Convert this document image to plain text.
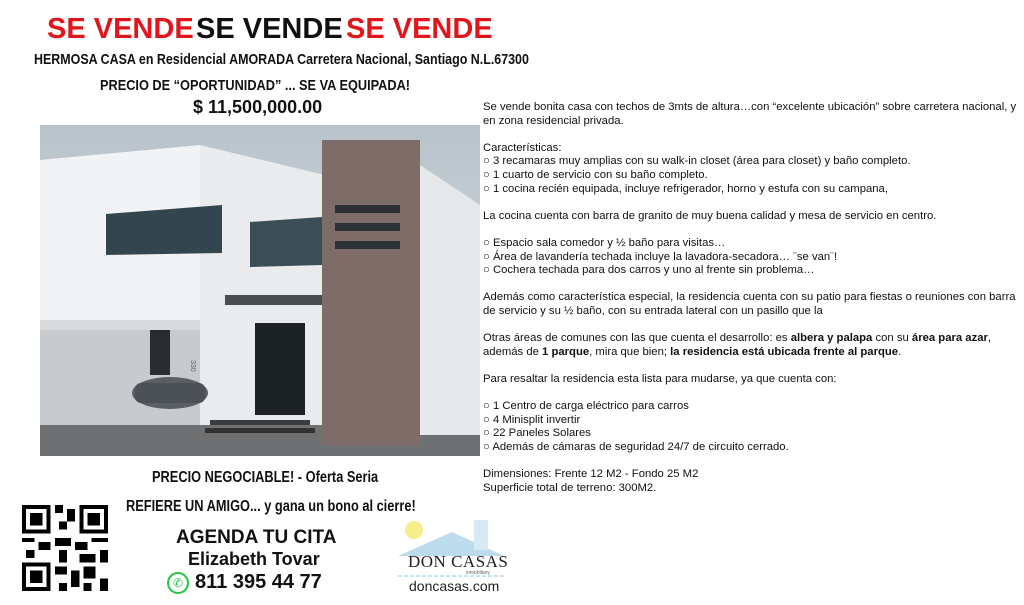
SE VENDE SE VENDE SE VENDE
HERMOSA CASA en Residencial AMORADA Carretera Nacional, Santiago N.L.67300
PRECIO DE “OPORTUNIDAD” ... SE VA EQUIPADA!
$ 11,500,000.00
330

Se vende bonita casa con techos de 3mts de altura…con “excelente ubicación” sobre carretera nacional, y en zona residencial privada.

Características:
○ 3 recamaras muy amplias con su walk-in closet (área para closet) y baño completo.
○ 1 cuarto de servicio con su baño completo.
○ 1 cocina recién equipada, incluye refrigerador, horno y estufa con su campana,

La cocina cuenta con barra de granito de muy buena calidad y mesa de servicio en centro.

○ Espacio sala comedor y ½ baño para visitas…
○ Área de lavandería techada incluye la lavadora-secadora… ¨se van¨!
○ Cochera techada para dos carros y uno al frente sin problema…

Además como característica especial, la residencia cuenta con su patio para fiestas o reuniones con barra de servicio y su ½ baño, con su entrada lateral con un pasillo que la

Otras áreas de comunes con las que cuenta el desarrollo: es albera y palapa con su área para azar, además de 1 parque, mira que bien; la residencia está ubicada frente al parque.

Para resaltar la residencia esta lista para mudarse, ya que cuenta con:

○ 1 Centro de carga eléctrico para carros
○ 4 Minisplit invertir
○ 22 Paneles Solares
○ Además de cámaras de seguridad 24/7 de circuito cerrado.

Dimensiones: Frente 12 M2 - Fondo 25 M2
Superficie total de terreno: 300M2.

PRECIO NEGOCIABLE! - Oferta Seria
REFIERE UN AMIGO... y gana un bono al cierre!
AGENDA TU CITA
Elizabeth Tovar
✆ 811 395 44 77
DON CASAS
inmobiliary
doncasas.com
